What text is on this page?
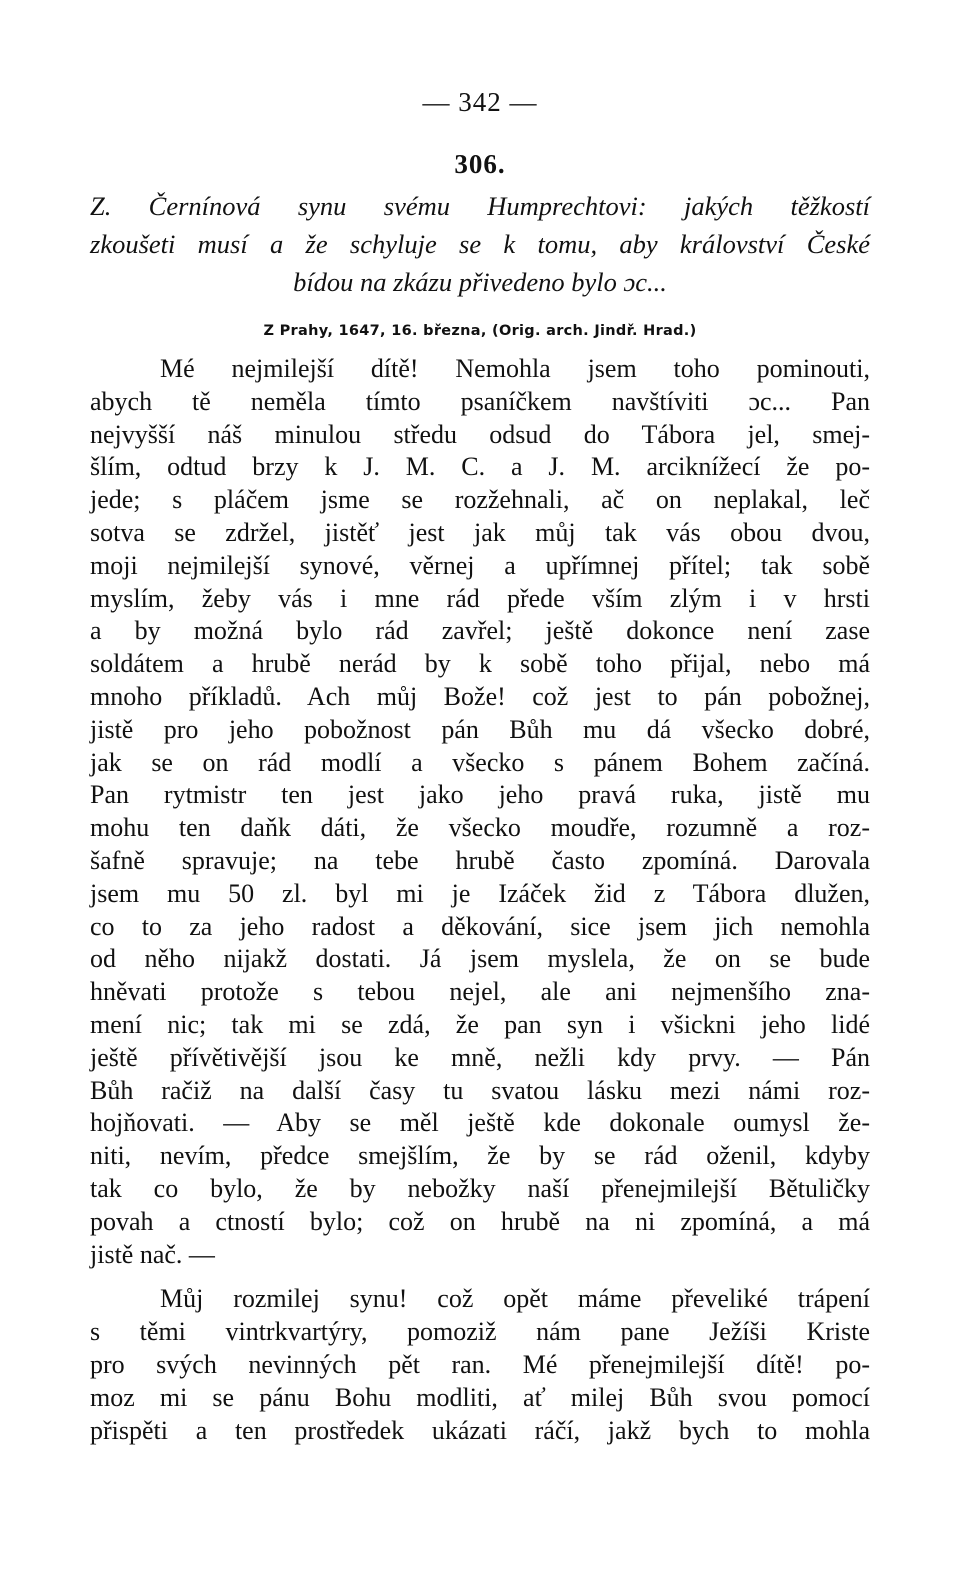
— 342 —
306.
Z. Černínová synu svému Humprechtovi: jakých těžkostí
zkoušeti musí a že schyluje se k tomu, aby království České
bídou na zkázu přivedeno bylo ɔc...
Z Prahy, 1647, 16. března, (Orig. arch. Jindř. Hrad.)
Mé nejmilejší dítě! Nemohla jsem toho pominouti,
abych tě neměla tímto psaníčkem navštíviti ɔc... Pan
nejvyšší náš minulou středu odsud do Tábora jel, smej-
šlím, odtud brzy k J. M. C. a J. M. arciknížecí že po-
jede; s pláčem jsme se rozžehnali, ač on neplakal, leč
sotva se zdržel, jistěť jest jak můj tak vás obou dvou,
moji nejmilejší synové, věrnej a upřímnej přítel; tak sobě
myslím, žeby vás i mne rád přede vším zlým i v hrsti
a by možná bylo rád zavřel; ještě dokonce není zase
soldátem a hrubě nerád by k sobě toho přijal, nebo má
mnoho příkladů. Ach můj Bože! což jest to pán pobožnej,
jistě pro jeho pobožnost pán Bůh mu dá všecko dobré,
jak se on rád modlí a všecko s pánem Bohem začíná.
Pan rytmistr ten jest jako jeho pravá ruka, jistě mu
mohu ten daňk dáti, že všecko moudře, rozumně a roz-
šafně spravuje; na tebe hrubě často zpomíná. Darovala
jsem mu 50 zl. byl mi je Izáček žid z Tábora dlužen,
co to za jeho radost a děkování, sice jsem jich nemohla
od něho nijakž dostati. Já jsem myslela, že on se bude
hněvati protože s tebou nejel, ale ani nejmenšího zna-
mení nic; tak mi se zdá, že pan syn i všickni jeho lidé
ještě přívětivější jsou ke mně, nežli kdy prvy. — Pán
Bůh račiž na další časy tu svatou lásku mezi námi roz-
hojňovati. — Aby se měl ještě kde dokonale oumysl že-
niti, nevím, předce smejšlím, že by se rád oženil, kdyby
tak co bylo, že by nebožky naší přenejmilejší Bětuličky
povah a ctností bylo; což on hrubě na ni zpomíná, a má
jistě nač. —
Můj rozmilej synu! což opět máme převeliké trápení
s těmi vintrkvartýry, pomoziž nám pane Ježíši Kriste
pro svých nevinných pět ran. Mé přenejmilejší dítě! po-
moz mi se pánu Bohu modliti, ať milej Bůh svou pomocí
přispěti a ten prostředek ukázati ráčí, jakž bych to mohla
